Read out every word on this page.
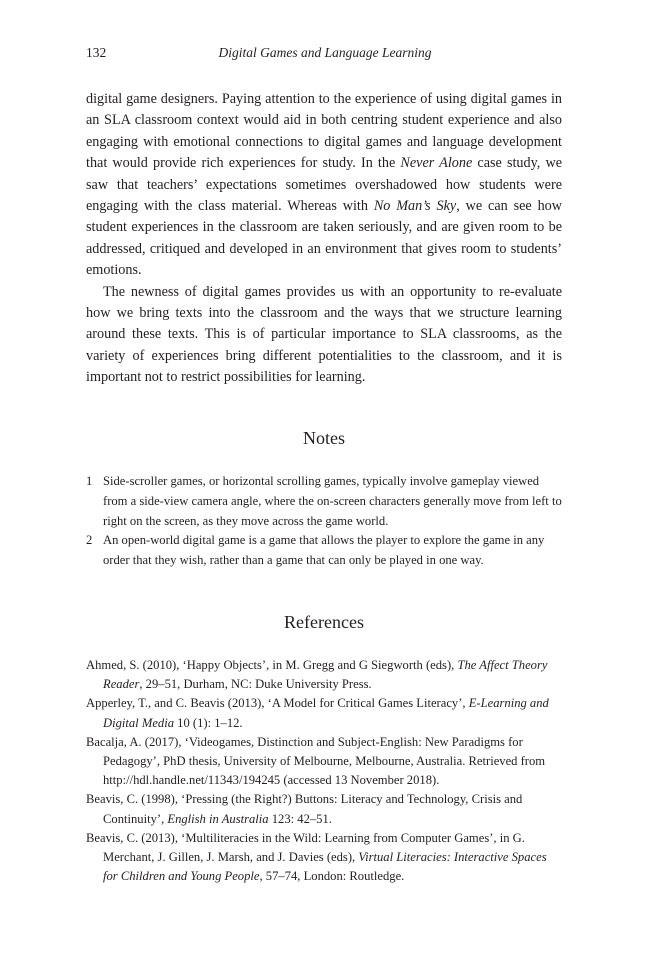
132	Digital Games and Language Learning

digital game designers. Paying attention to the experience of using digital games in an SLA classroom context would aid in both centring student experience and also engaging with emotional connections to digital games and language development that would provide rich experiences for study. In the Never Alone case study, we saw that teachers’ expectations sometimes overshadowed how students were engaging with the class material. Whereas with No Man’s Sky, we can see how student experiences in the classroom are taken seriously, and are given room to be addressed, critiqued and developed in an environment that gives room to students’ emotions.

The newness of digital games provides us with an opportunity to re-evaluate how we bring texts into the classroom and the ways that we structure learning around these texts. This is of particular importance to SLA classrooms, as the variety of experiences bring different potentialities to the classroom, and it is important not to restrict possibilities for learning.

Notes
1 Side-scroller games, or horizontal scrolling games, typically involve gameplay viewed from a side-view camera angle, where the on-screen characters generally move from left to right on the screen, as they move across the game world.
2 An open-world digital game is a game that allows the player to explore the game in any order that they wish, rather than a game that can only be played in one way.
References
Ahmed, S. (2010), ‘Happy Objects’, in M. Gregg and G Siegworth (eds), The Affect Theory Reader, 29–51, Durham, NC: Duke University Press.
Apperley, T., and C. Beavis (2013), ‘A Model for Critical Games Literacy’, E-Learning and Digital Media 10 (1): 1–12.
Bacalja, A. (2017), ‘Videogames, Distinction and Subject-English: New Paradigms for Pedagogy’, PhD thesis, University of Melbourne, Melbourne, Australia. Retrieved from http://hdl.handle.net/11343/194245 (accessed 13 November 2018).
Beavis, C. (1998), ‘Pressing (the Right?) Buttons: Literacy and Technology, Crisis and Continuity’, English in Australia 123: 42–51.
Beavis, C. (2013), ‘Multiliteracies in the Wild: Learning from Computer Games’, in G. Merchant, J. Gillen, J. Marsh, and J. Davies (eds), Virtual Literacies: Interactive Spaces for Children and Young People, 57–74, London: Routledge.
